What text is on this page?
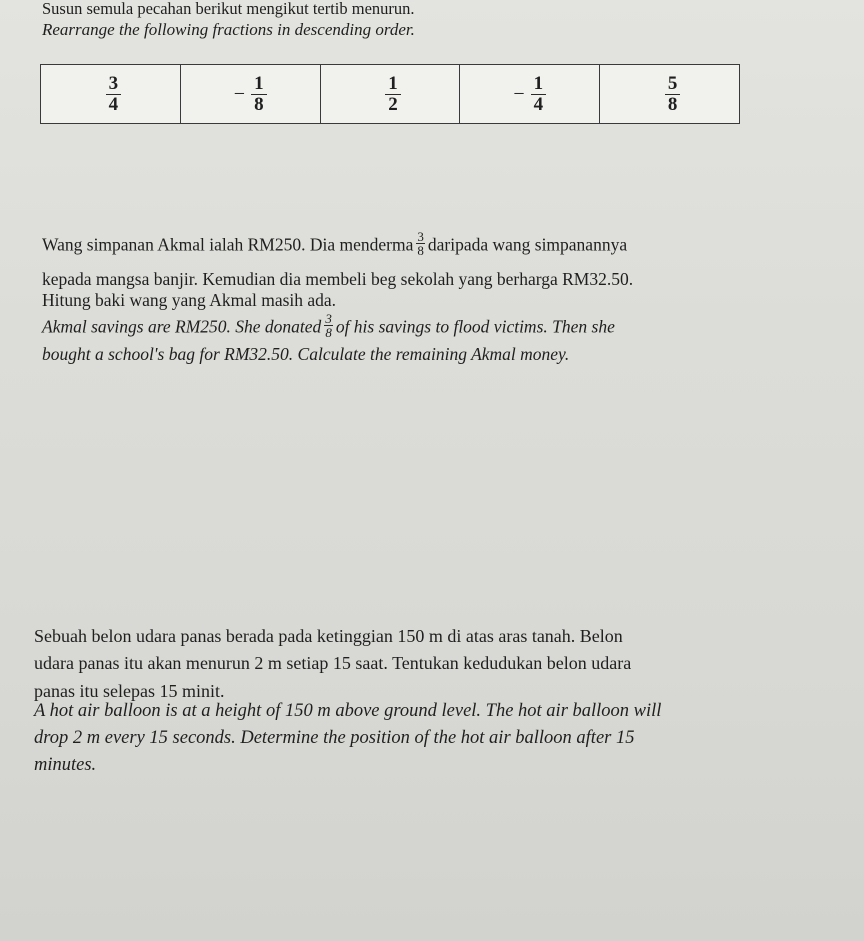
Susun semula pecahan berikut mengikut tertib menurun.
Rearrange the following fractions in descending order.
$\frac{3}{4}$	− $\frac{1}{8}$	$\frac{1}{2}$	− $\frac{1}{4}$	$\frac{5}{8}$
Wang simpanan Akmal ialah RM250. Dia menderma $\frac{3}{8}$ daripada wang simpanannya
kepada mangsa banjir. Kemudian dia membeli beg sekolah yang berharga RM32.50.
Hitung baki wang yang Akmal masih ada.
Akmal savings are RM250. She donated $\frac{3}{8}$ of his savings to flood victims. Then she
bought a school's bag for RM32.50. Calculate the remaining Akmal money.
Sebuah belon udara panas berada pada ketinggian 150 m di atas aras tanah. Belon
udara panas itu akan menurun 2 m setiap 15 saat. Tentukan kedudukan belon udara
panas itu selepas 15 minit.
A hot air balloon is at a height of 150 m above ground level. The hot air balloon will
drop 2 m every 15 seconds. Determine the position of the hot air balloon after 15
minutes.
